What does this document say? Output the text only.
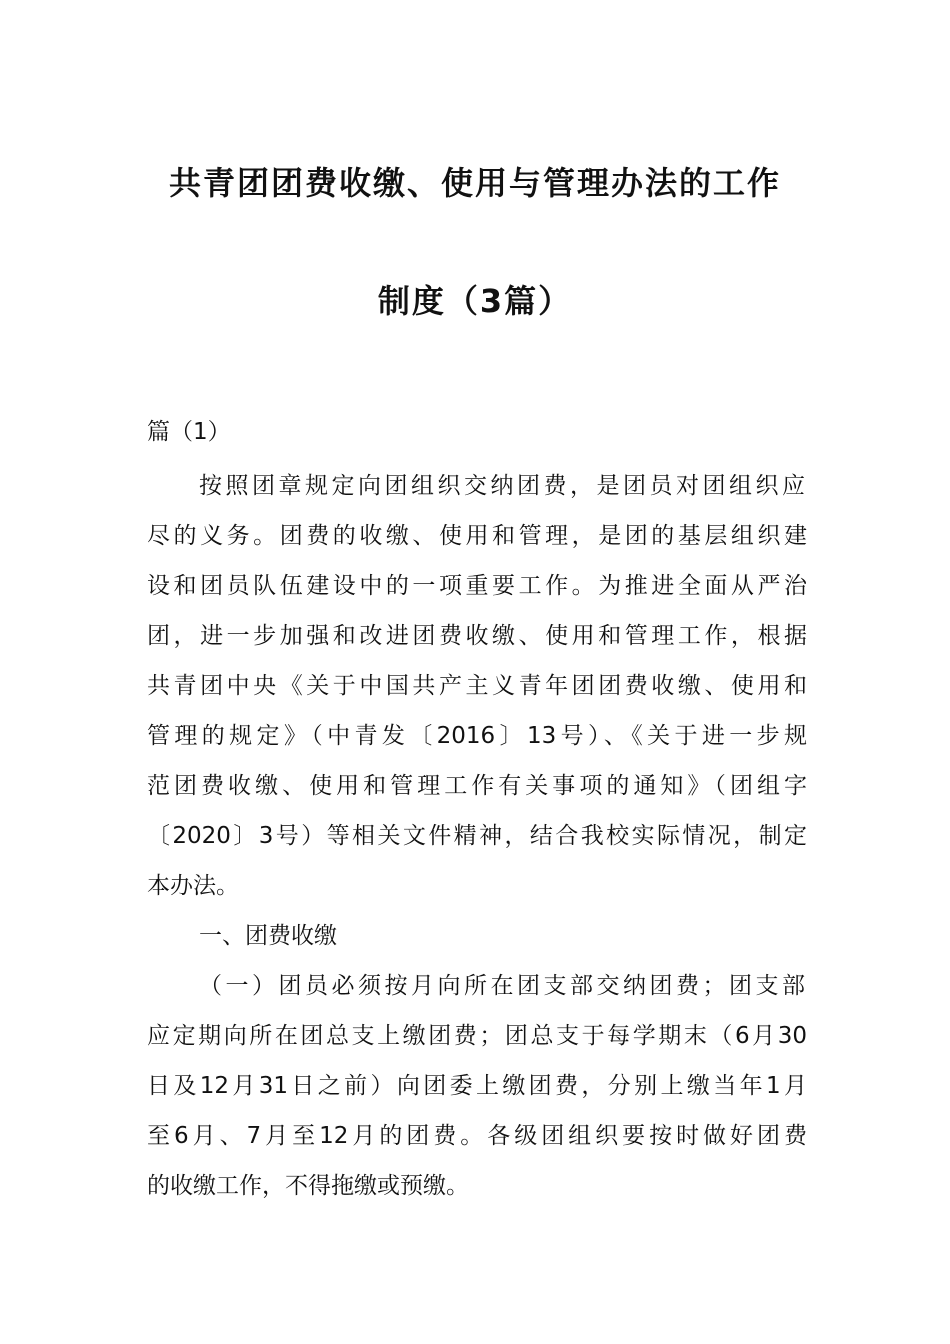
共青团团费收缴、使用与管理办法的工作
制度（3篇）
篇（1）
按照团章规定向团组织交纳团费，是团员对团组织应
尽的义务。团费的收缴、使用和管理，是团的基层组织建
设和团员队伍建设中的一项重要工作。为推进全面从严治
团，进一步加强和改进团费收缴、使用和管理工作，根据
共青团中央《关于中国共产主义青年团团费收缴、使用和
管理的规定》（中青发〔2016〕13号）、《关于进一步规
范团费收缴、使用和管理工作有关事项的通知》（团组字
〔2020〕3号）等相关文件精神，结合我校实际情况，制定
本办法。
一、团费收缴
（一）团员必须按月向所在团支部交纳团费；团支部
应定期向所在团总支上缴团费；团总支于每学期末（6月30
日及12月31日之前）向团委上缴团费，分别上缴当年1月
至6月、7月至12月的团费。各级团组织要按时做好团费
的收缴工作，不得拖缴或预缴。
